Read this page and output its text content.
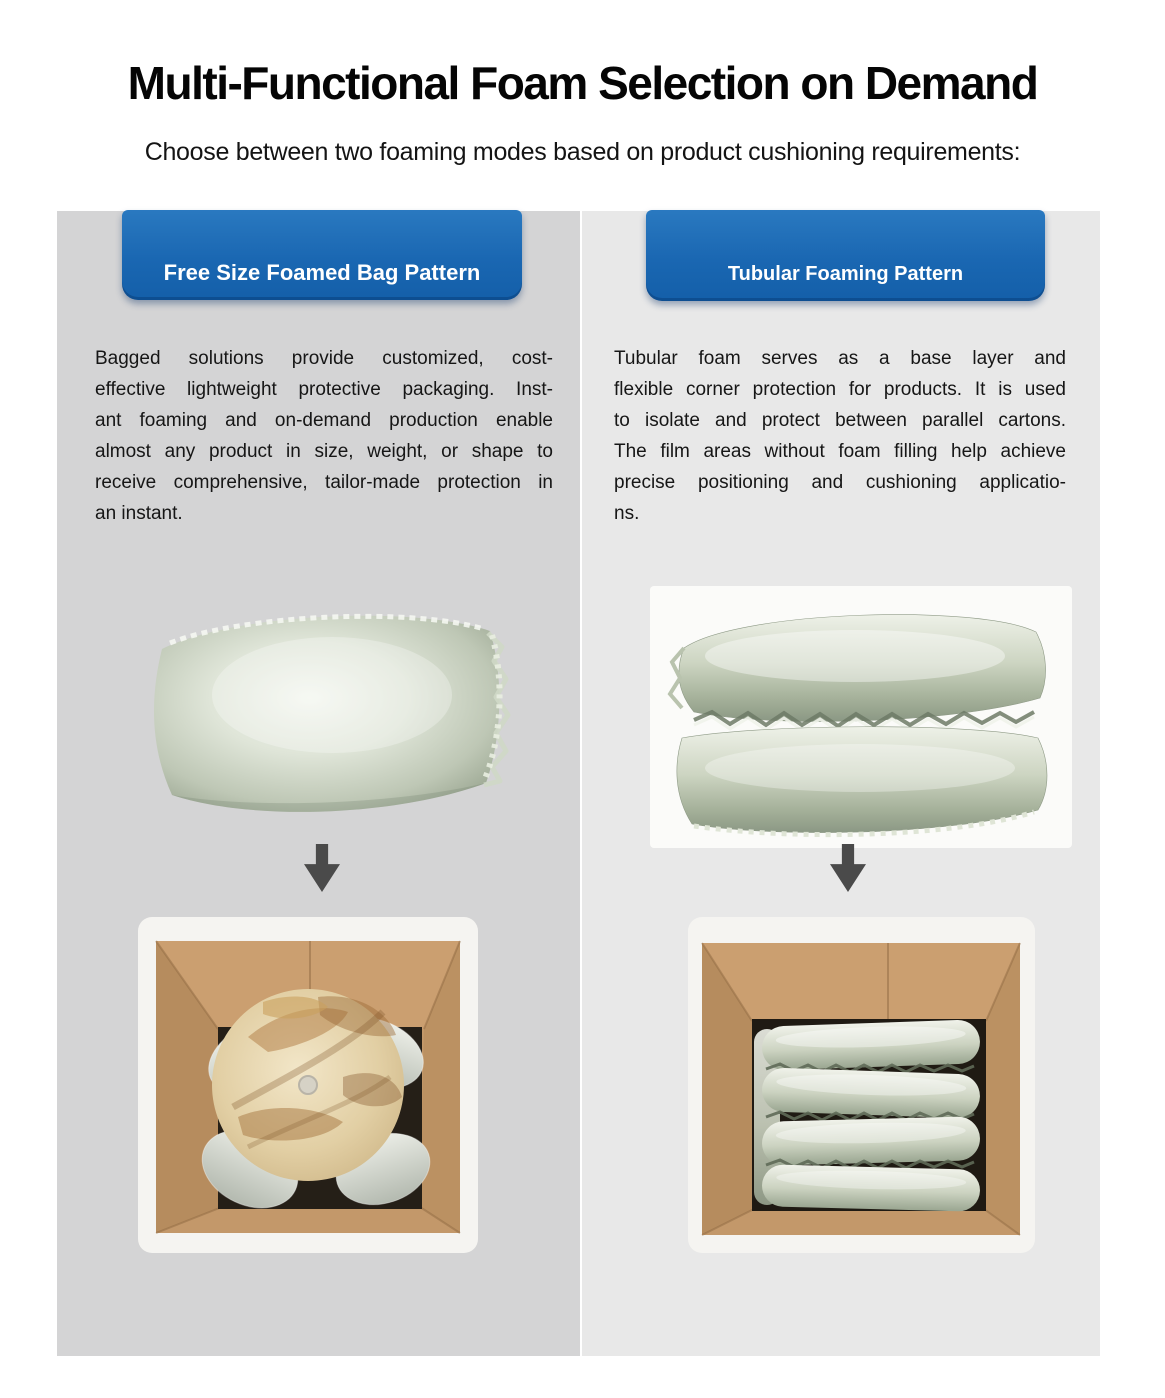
Multi-Functional Foam Selection on Demand
Choose between two foaming modes based on product cushioning requirements:
Free Size Foamed Bag Pattern	Tubular Foaming Pattern
Bagged solutions provide customized, cost-
effective lightweight protective packaging. Inst-
ant foaming and on-demand production enable
almost any product in size, weight, or shape to
receive comprehensive, tailor-made protection in
an instant.
Tubular foam serves as a base layer and
flexible corner protection for products. It is used
to isolate and protect between parallel cartons.
The film areas without foam filling help achieve
precise positioning and cushioning applicatio-
ns.
